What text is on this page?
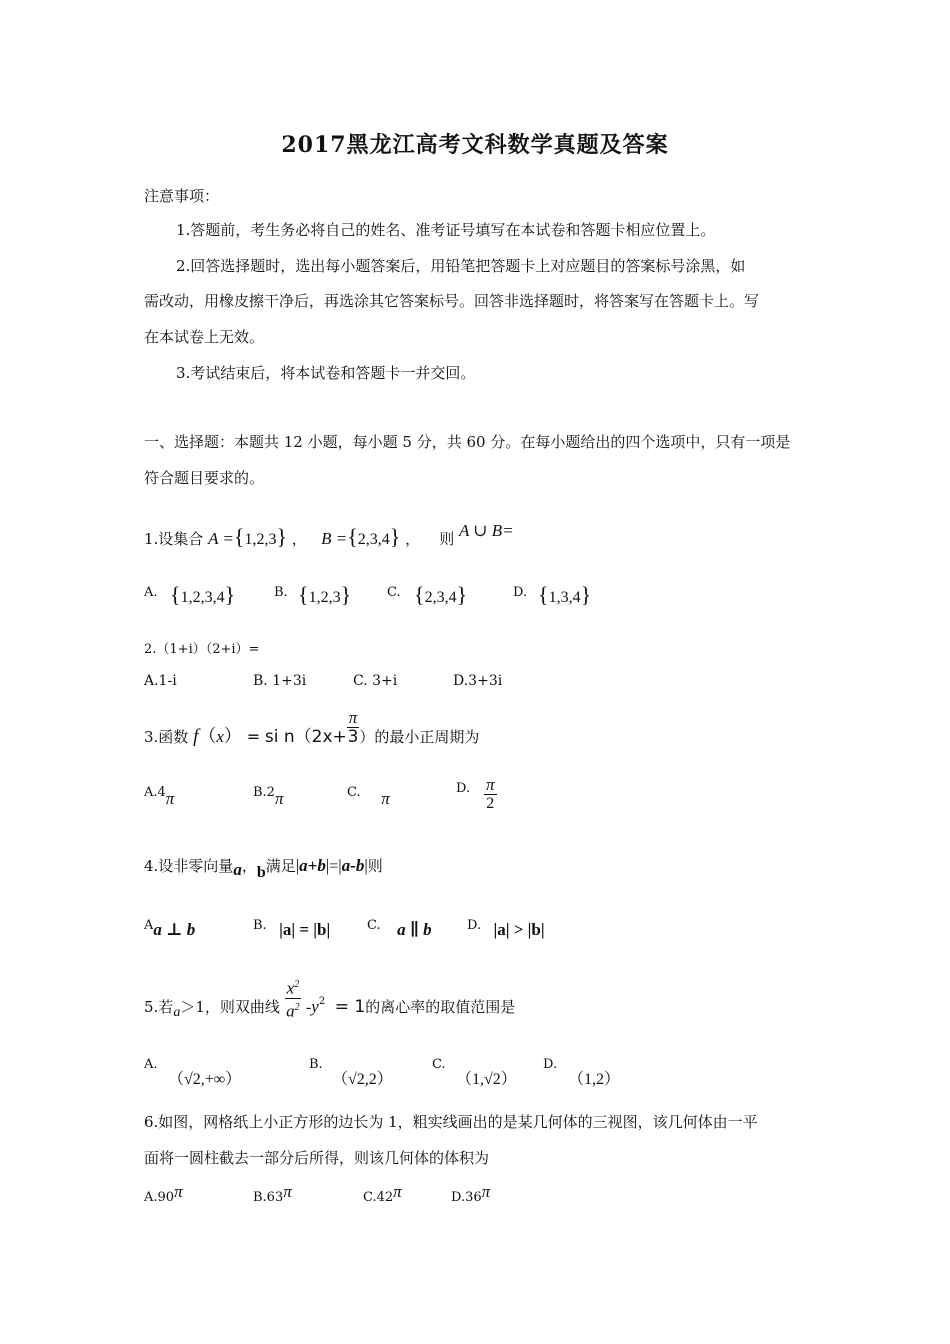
2017黑龙江高考文科数学真题及答案
注意事项：
1.答题前，考生务必将自己的姓名、准考证号填写在本试卷和答题卡相应位置上。
2.回答选择题时，选出每小题答案后，用铅笔把答题卡上对应题目的答案标号涂黑，如
需改动，用橡皮擦干净后，再选涂其它答案标号。回答非选择题时，将答案写在答题卡上。写
在本试卷上无效。
3.考试结束后，将本试卷和答题卡一并交回。
一、选择题：本题共 12 小题，每小题 5 分，共 60 分。在每小题给出的四个选项中，只有一项是
符合题目要求的。
1.设集合 A ={1,2,3} ，   B ={2,3,4} ，    则 A ∪ B=
A. {1,2,3,4}	B. {1,2,3}	C. {2,3,4}	D. {1,3,4}
2.（1+i）（2+i）=
A.1-i	B. 1+3i	C. 3+i	D.3+3i
3.函数 f（x） = si $n(2x+ \frac{\pi}{3}$ ）的最小正周期为
A.4π	B.2π	C. π
D. $\frac{\pi}{2}$
4.设非零向量a，b满足|a+b|=|a-b|则
Aa ⊥ b	B. |a| = |b|	C. a ∥ b	D. |a| > |b|
5.若a＞1，则双曲线 $\frac{x^2}{a^2} -y^2 = 1$的离心率的取值范围是
A.
（√2,+∞）
B.
（√2,2）
C.
（1,√2）
D.
（1,2）
6.如图，网格纸上小正方形的边长为 1，粗实线画出的是某几何体的三视图，该几何体由一平
面将一圆柱截去一部分后所得，则该几何体的体积为
A.90π	B.63π	C.42π	D.36π
